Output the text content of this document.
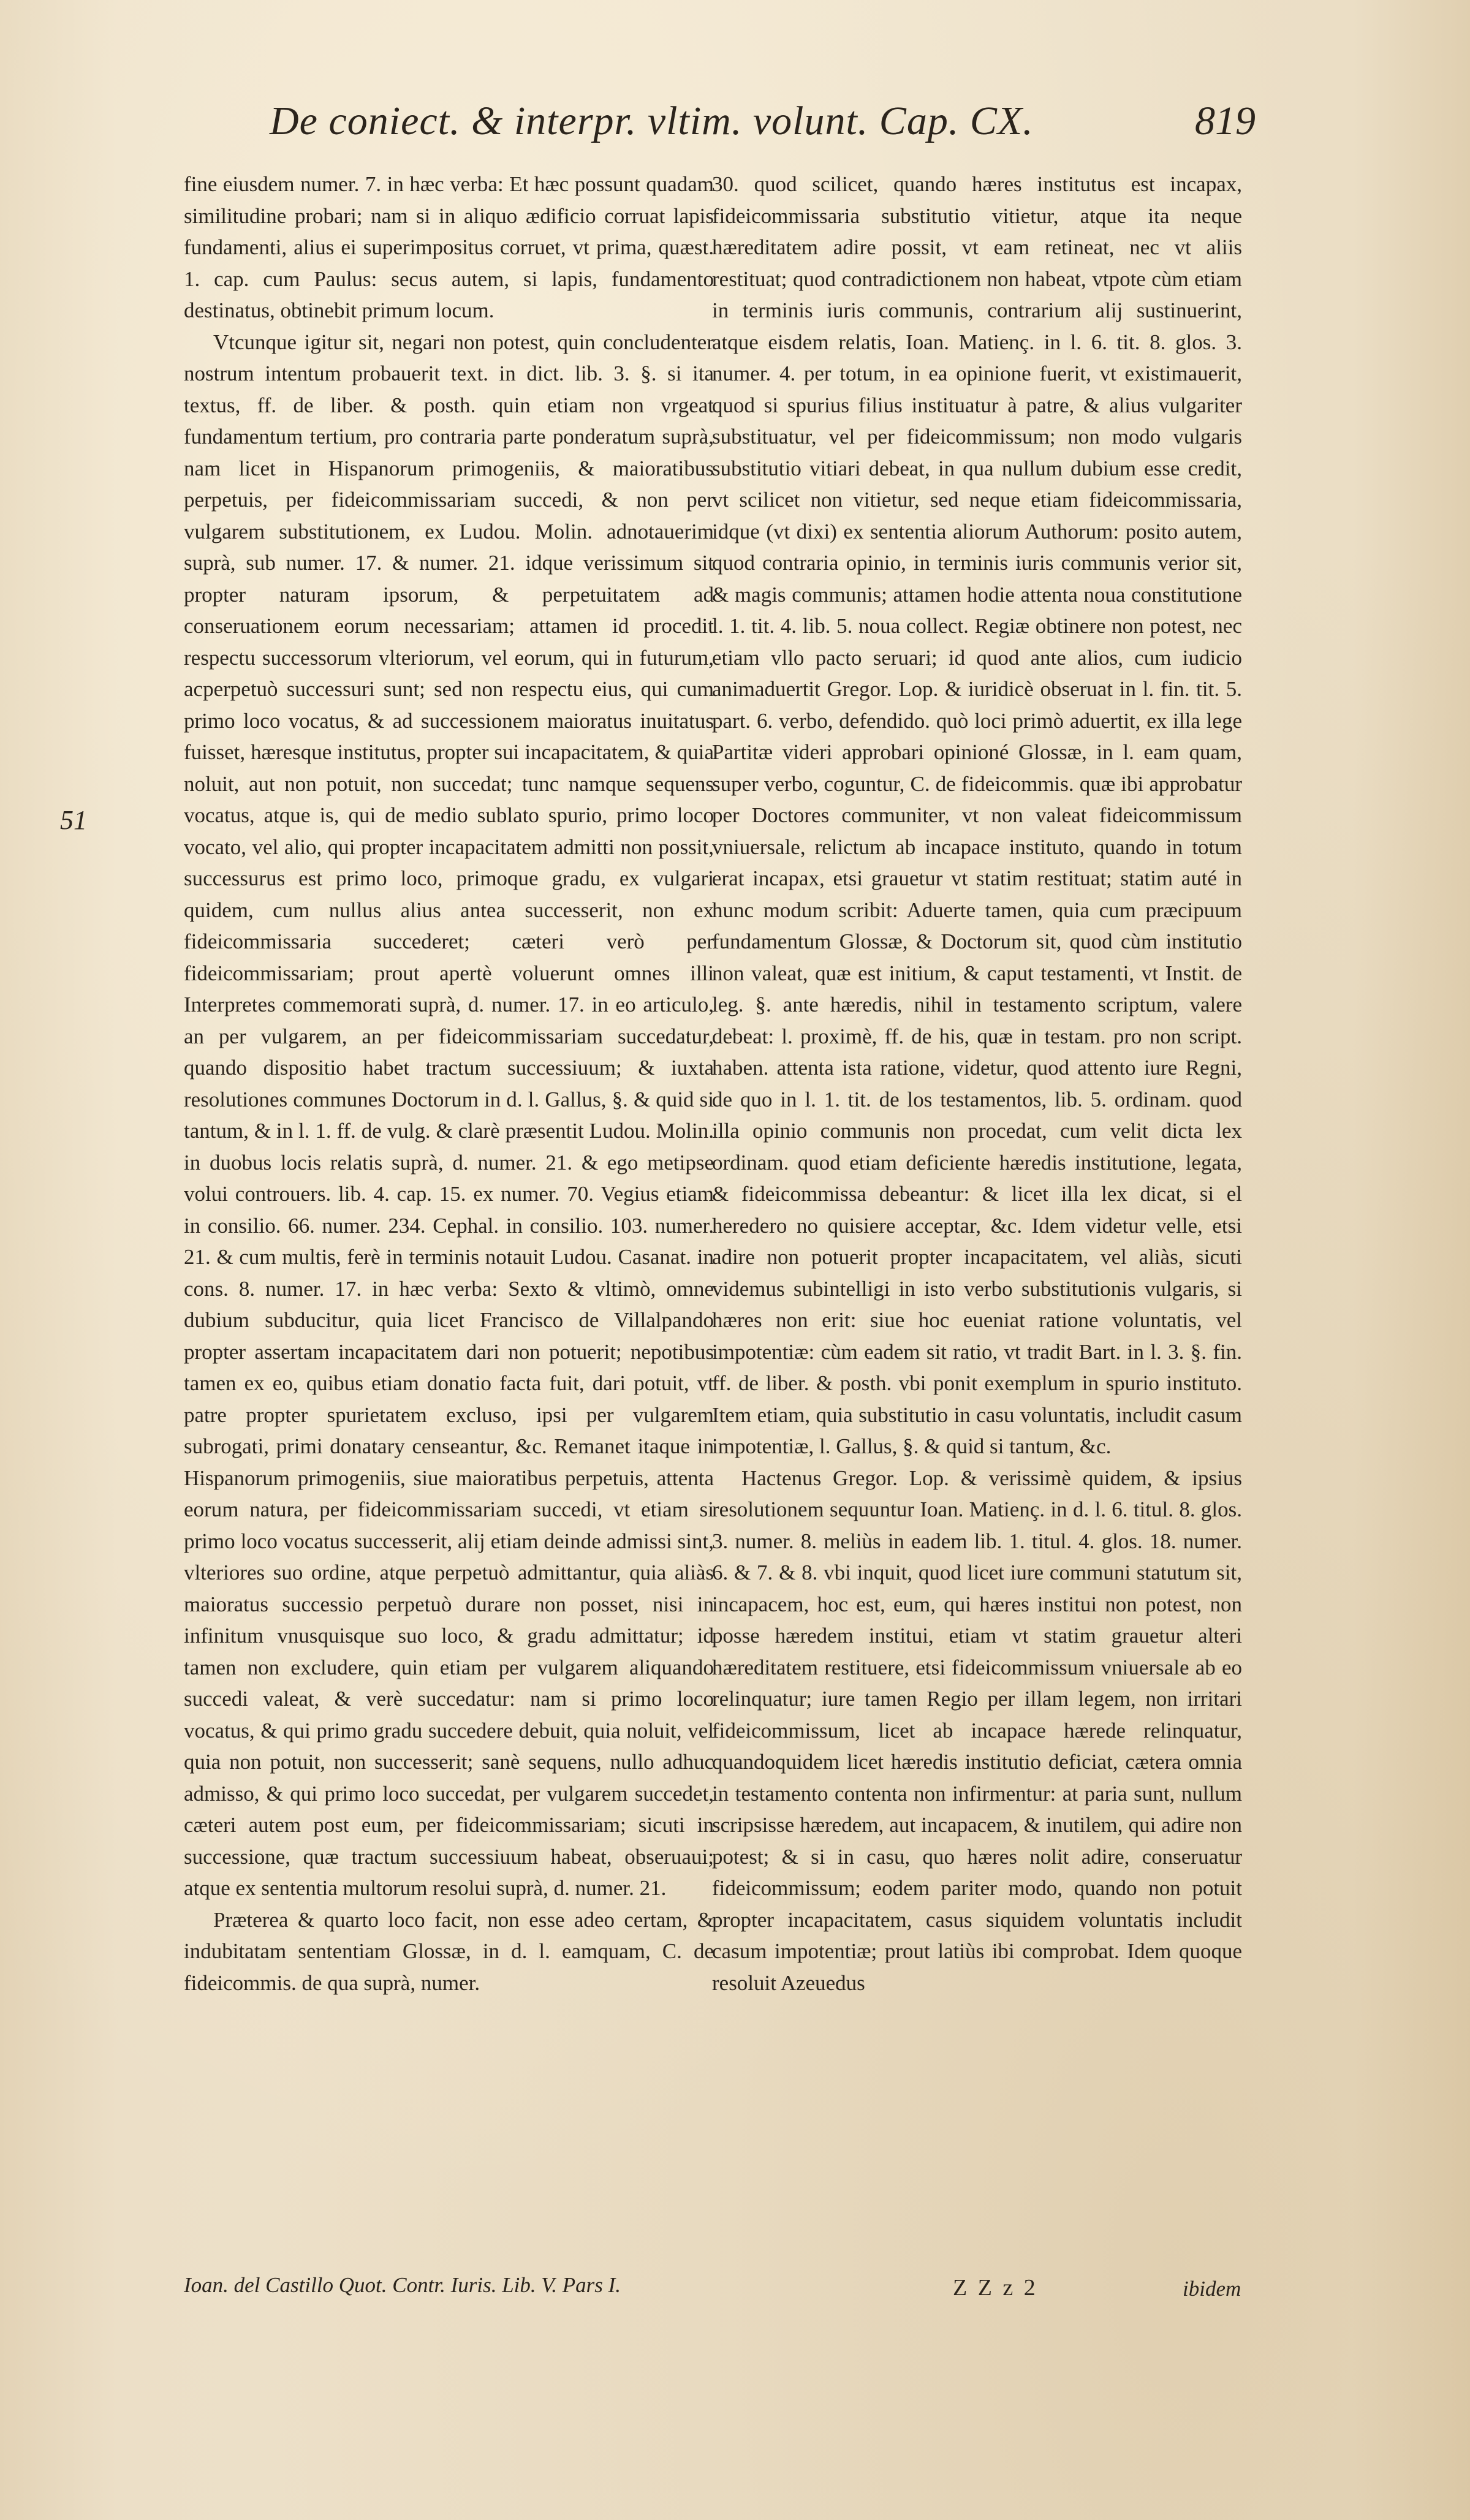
De coniect. & interpr. vltim. volunt. Cap. CX.	819
51

fine eiusdem numer. 7. in hæc verba: Et hæc possunt quadam similitudine probari; nam si in aliquo ædificio corruat lapis fundamenti, alius ei superimpositus corruet, vt prima, quæst. 1. cap. cum Paulus: secus autem, si lapis, fundamento destinatus, obtinebit primum locum.

Vtcunque igitur sit, negari non potest, quin concludenter nostrum intentum probauerit text. in dict. lib. 3. §. si ita textus, ff. de liber. & posth. quin etiam non vrgeat fundamentum tertium, pro contraria parte ponderatum suprà, nam licet in Hispanorum primogeniis, & maioratibus perpetuis, per fideicommissariam succedi, & non per vulgarem substitutionem, ex Ludou. Molin. adnotauerim suprà, sub numer. 17. & numer. 21. idque verissimum sit propter naturam ipsorum, & perpetuitatem ad conseruationem eorum necessariam; attamen id procedit respectu successorum vlteriorum, vel eorum, qui in futurum, acperpetuò successuri sunt; sed non respectu eius, qui cum primo loco vocatus, & ad successionem maioratus inuitatus fuisset, hæresque institutus, propter sui incapacitatem, & quia noluit, aut non potuit, non succedat; tunc namque sequens vocatus, atque is, qui de medio sublato spurio, primo loco vocato, vel alio, qui propter incapacitatem admitti non possit, successurus est primo loco, primoque gradu, ex vulgari quidem, cum nullus alius antea successerit, non ex fideicommissaria succederet; cæteri verò per fideicommissariam; prout apertè voluerunt omnes illi Interpretes commemorati suprà, d. numer. 17. in eo articulo, an per vulgarem, an per fideicommissariam succedatur, quando dispositio habet tractum successiuum; & iuxta resolutiones communes Doctorum in d. l. Gallus, §. & quid si tantum, & in l. 1. ff. de vulg. & clarè præsentit Ludou. Molin. in duobus locis relatis suprà, d. numer. 21. & ego metipse volui controuers. lib. 4. cap. 15. ex numer. 70. Vegius etiam in consilio. 66. numer. 234. Cephal. in consilio. 103. numer. 21. & cum multis, ferè in terminis notauit Ludou. Casanat. in cons. 8. numer. 17. in hæc verba: Sexto & vltimò, omne dubium subducitur, quia licet Francisco de Villalpando propter assertam incapacitatem dari non potuerit; nepotibus tamen ex eo, quibus etiam donatio facta fuit, dari potuit, vt patre propter spurietatem excluso, ipsi per vulgarem subrogati, primi donatary censeantur, &c. Remanet itaque in Hispanorum primogeniis, siue maioratibus perpetuis, attenta eorum natura, per fideicommissariam succedi, vt etiam si primo loco vocatus successerit, alij etiam deinde admissi sint, vlteriores suo ordine, atque perpetuò admittantur, quia aliàs maioratus successio perpetuò durare non posset, nisi in infinitum vnusquisque suo loco, & gradu admittatur; id tamen non excludere, quin etiam per vulgarem aliquando succedi valeat, & verè succedatur: nam si primo loco vocatus, & qui primo gradu succedere debuit, quia noluit, vel quia non potuit, non successerit; sanè sequens, nullo adhuc admisso, & qui primo loco succedat, per vulgarem succedet, cæteri autem post eum, per fideicommissariam; sicuti in successione, quæ tractum successiuum habeat, obseruaui; atque ex sententia multorum resolui suprà, d. numer. 21.

Præterea & quarto loco facit, non esse adeo certam, & indubitatam sententiam Glossæ, in d. l. eamquam, C. de fideicommis. de qua suprà, numer.

30. quod scilicet, quando hæres institutus est incapax, fideicommissaria substitutio vitietur, atque ita neque hæreditatem adire possit, vt eam retineat, nec vt aliis restituat; quod contradictionem non habeat, vtpote cùm etiam in terminis iuris communis, contrarium alij sustinuerint, atque eisdem relatis, Ioan. Matienç. in l. 6. tit. 8. glos. 3. numer. 4. per totum, in ea opinione fuerit, vt existimauerit, quod si spurius filius instituatur à patre, & alius vulgariter substituatur, vel per fideicommissum; non modo vulgaris substitutio vitiari debeat, in qua nullum dubium esse credit, vt scilicet non vitietur, sed neque etiam fideicommissaria, idque (vt dixi) ex sententia aliorum Authorum: posito autem, quod contraria opinio, in terminis iuris communis verior sit, & magis communis; attamen hodie attenta noua constitutione l. 1. tit. 4. lib. 5. noua collect. Regiæ obtinere non potest, nec etiam vllo pacto seruari; id quod ante alios, cum iudicio animaduertit Gregor. Lop. & iuridicè obseruat in l. fin. tit. 5. part. 6. verbo, defendido. quò loci primò aduertit, ex illa lege Partitæ videri approbari opinioné Glossæ, in l. eam quam, super verbo, coguntur, C. de fideicommis. quæ ibi approbatur per Doctores communiter, vt non valeat fideicommissum vniuersale, relictum ab incapace instituto, quando in totum erat incapax, etsi grauetur vt statim restituat; statim auté in hunc modum scribit: Aduerte tamen, quia cum præcipuum fundamentum Glossæ, & Doctorum sit, quod cùm institutio non valeat, quæ est initium, & caput testamenti, vt Instit. de leg. §. ante hæredis, nihil in testamento scriptum, valere debeat: l. proximè, ff. de his, quæ in testam. pro non script. haben. attenta ista ratione, videtur, quod attento iure Regni, de quo in l. 1. tit. de los testamentos, lib. 5. ordinam. quod illa opinio communis non procedat, cum velit dicta lex ordinam. quod etiam deficiente hæredis institutione, legata, & fideicommissa debeantur: & licet illa lex dicat, si el heredero no quisiere acceptar, &c. Idem videtur velle, etsi adire non potuerit propter incapacitatem, vel aliàs, sicuti videmus subintelligi in isto verbo substitutionis vulgaris, si hæres non erit: siue hoc eueniat ratione voluntatis, vel impotentiæ: cùm eadem sit ratio, vt tradit Bart. in l. 3. §. fin. ff. de liber. & posth. vbi ponit exemplum in spurio instituto. Item etiam, quia substitutio in casu voluntatis, includit casum impotentiæ, l. Gallus, §. & quid si tantum, &c.

Hactenus Gregor. Lop. & verissimè quidem, & ipsius resolutionem sequuntur Ioan. Matienç. in d. l. 6. titul. 8. glos. 3. numer. 8. meliùs in eadem lib. 1. titul. 4. glos. 18. numer. 6. & 7. & 8. vbi inquit, quod licet iure communi statutum sit, incapacem, hoc est, eum, qui hæres institui non potest, non posse hæredem institui, etiam vt statim grauetur alteri hæreditatem restituere, etsi fideicommissum vniuersale ab eo relinquatur; iure tamen Regio per illam legem, non irritari fideicommissum, licet ab incapace hærede relinquatur, quandoquidem licet hæredis institutio deficiat, cætera omnia in testamento contenta non infirmentur: at paria sunt, nullum scripsisse hæredem, aut incapacem, & inutilem, qui adire non potest; & si in casu, quo hæres nolit adire, conseruatur fideicommissum; eodem pariter modo, quando non potuit propter incapacitatem, casus siquidem voluntatis includit casum impotentiæ; prout latiùs ibi comprobat. Idem quoque resoluit Azeuedus

Ioan. del Castillo Quot. Contr. Iuris. Lib. V. Pars I.	Z Z z 2	ibidem
